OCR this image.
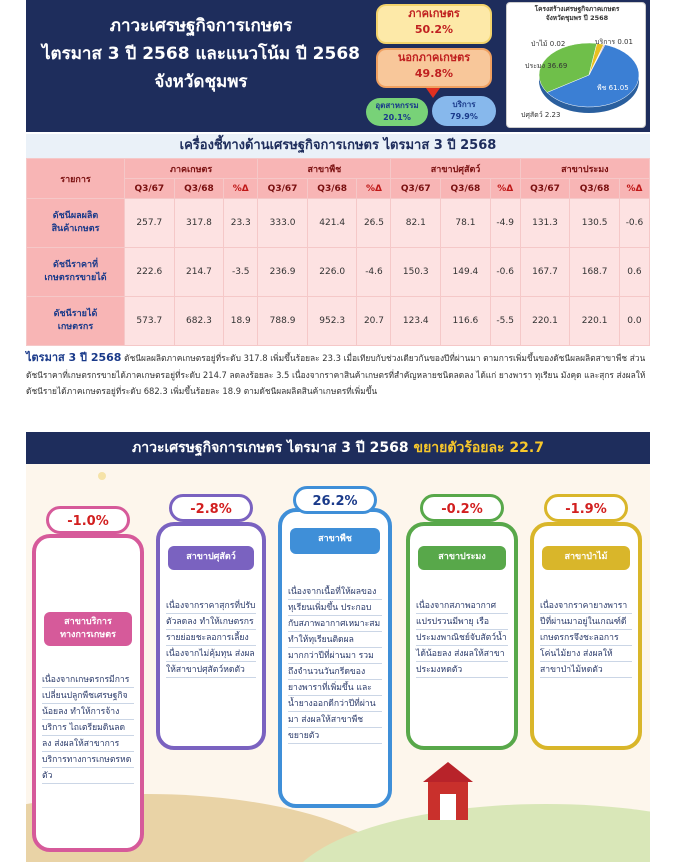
ภาวะเศรษฐกิจการเกษตร
ไตรมาส 3 ปี 2568 และแนวโน้ม ปี 2568
จังหวัดชุมพร
ภาคเกษตร
50.2%
นอกภาคเกษตร
49.8%
อุตสาหกรรม
20.1%
บริการ
79.9%
โครงสร้างเศรษฐกิจภาคเกษตร
จังหวัดชุมพร ปี 2568
ป่าไม้ 0.02	บริการ 0.01
ประมง 36.69
พืช 61.05
ปศุสัตว์ 2.23
เครื่องชี้ทางด้านเศรษฐกิจการเกษตร ไตรมาส 3 ปี 2568
รายการ	ภาคเกษตร			สาขาพืช			สาขาปศุสัตว์			สาขาประมง		
	Q3/67	Q3/68	%Δ	Q3/67	Q3/68	%Δ	Q3/67	Q3/68	%Δ	Q3/67	Q3/68	%Δ

ดัชนีผลผลิต
สินค้าเกษตร	257.7	317.8	23.3	333.0	421.4	26.5	82.1	78.1	-4.9	131.3	130.5	-0.6

ดัชนีราคาที่
เกษตรกรขายได้	222.6	214.7	-3.5	236.9	226.0	-4.6	150.3	149.4	-0.6	167.7	168.7	0.6

ดัชนีรายได้
เกษตรกร	573.7	682.3	18.9	788.9	952.3	20.7	123.4	116.6	-5.5	220.1	220.1	0.0
ไตรมาส 3 ปี 2568 ดัชนีผลผลิตภาคเกษตรอยู่ที่ระดับ 317.8 เพิ่มขึ้นร้อยละ 23.3 เมื่อเทียบกับช่วงเดียวกันของปีที่ผ่านมา ตามการเพิ่มขึ้นของดัชนีผลผลิตสาขาพืช ส่วนดัชนีราคาที่เกษตรกรขายได้ภาคเกษตรอยู่ที่ระดับ 214.7 ลดลงร้อยละ 3.5 เนื่องจากราคาสินค้าเกษตรที่สำคัญหลายชนิดลดลง ได้แก่ ยางพารา ทุเรียน มังคุด และสุกร ส่งผลให้ดัชนีรายได้ภาคเกษตรอยู่ที่ระดับ 682.3 เพิ่มขึ้นร้อยละ 18.9 ตามดัชนีผลผลิตสินค้าเกษตรที่เพิ่มขึ้น
ภาวะเศรษฐกิจการเกษตร ไตรมาส 3 ปี 2568 ขยายตัวร้อยละ 22.7
-1.0%
สาขาบริการ
ทางการเกษตร
เนื่องจากเกษตรกรมีการเปลี่ยนปลูกพืชเศรษฐกิจน้อยลง ทำให้การจ้างบริการ ไถเตรียมดินลดลง ส่งผลให้สาขาการบริการทางการเกษตรหดตัว
-2.8%
สาขาปศุสัตว์
เนื่องจากราคาสุกรที่ปรับตัวลดลง ทำให้เกษตรกรรายย่อยชะลอการเลี้ยง เนื่องจากไม่คุ้มทุน ส่งผลให้สาขาปศุสัตว์หดตัว
26.2%
สาขาพืช
เนื่องจากเนื้อที่ให้ผลของทุเรียนเพิ่มขึ้น ประกอบกับสภาพอากาศเหมาะสม ทำให้ทุเรียนติดผลมากกว่าปีที่ผ่านมา รวมถึงจำนวนวันกรีดของยางพาราที่เพิ่มขึ้น และน้ำยางออกดีกว่าปีที่ผ่านมา ส่งผลให้สาขาพืชขยายตัว
-0.2%
สาขาประมง
เนื่องจากสภาพอากาศแปรปรวนมีพายุ เรือประมงพาณิชย์จับสัตว์น้ำได้น้อยลง ส่งผลให้สาขาประมงหดตัว
-1.9%
สาขาป่าไม้
เนื่องจากราคายางพาราปีที่ผ่านมาอยู่ในเกณฑ์ดี เกษตรกรจึงชะลอการโค่นไม้ยาง ส่งผลให้สาขาป่าไม้หดตัว
